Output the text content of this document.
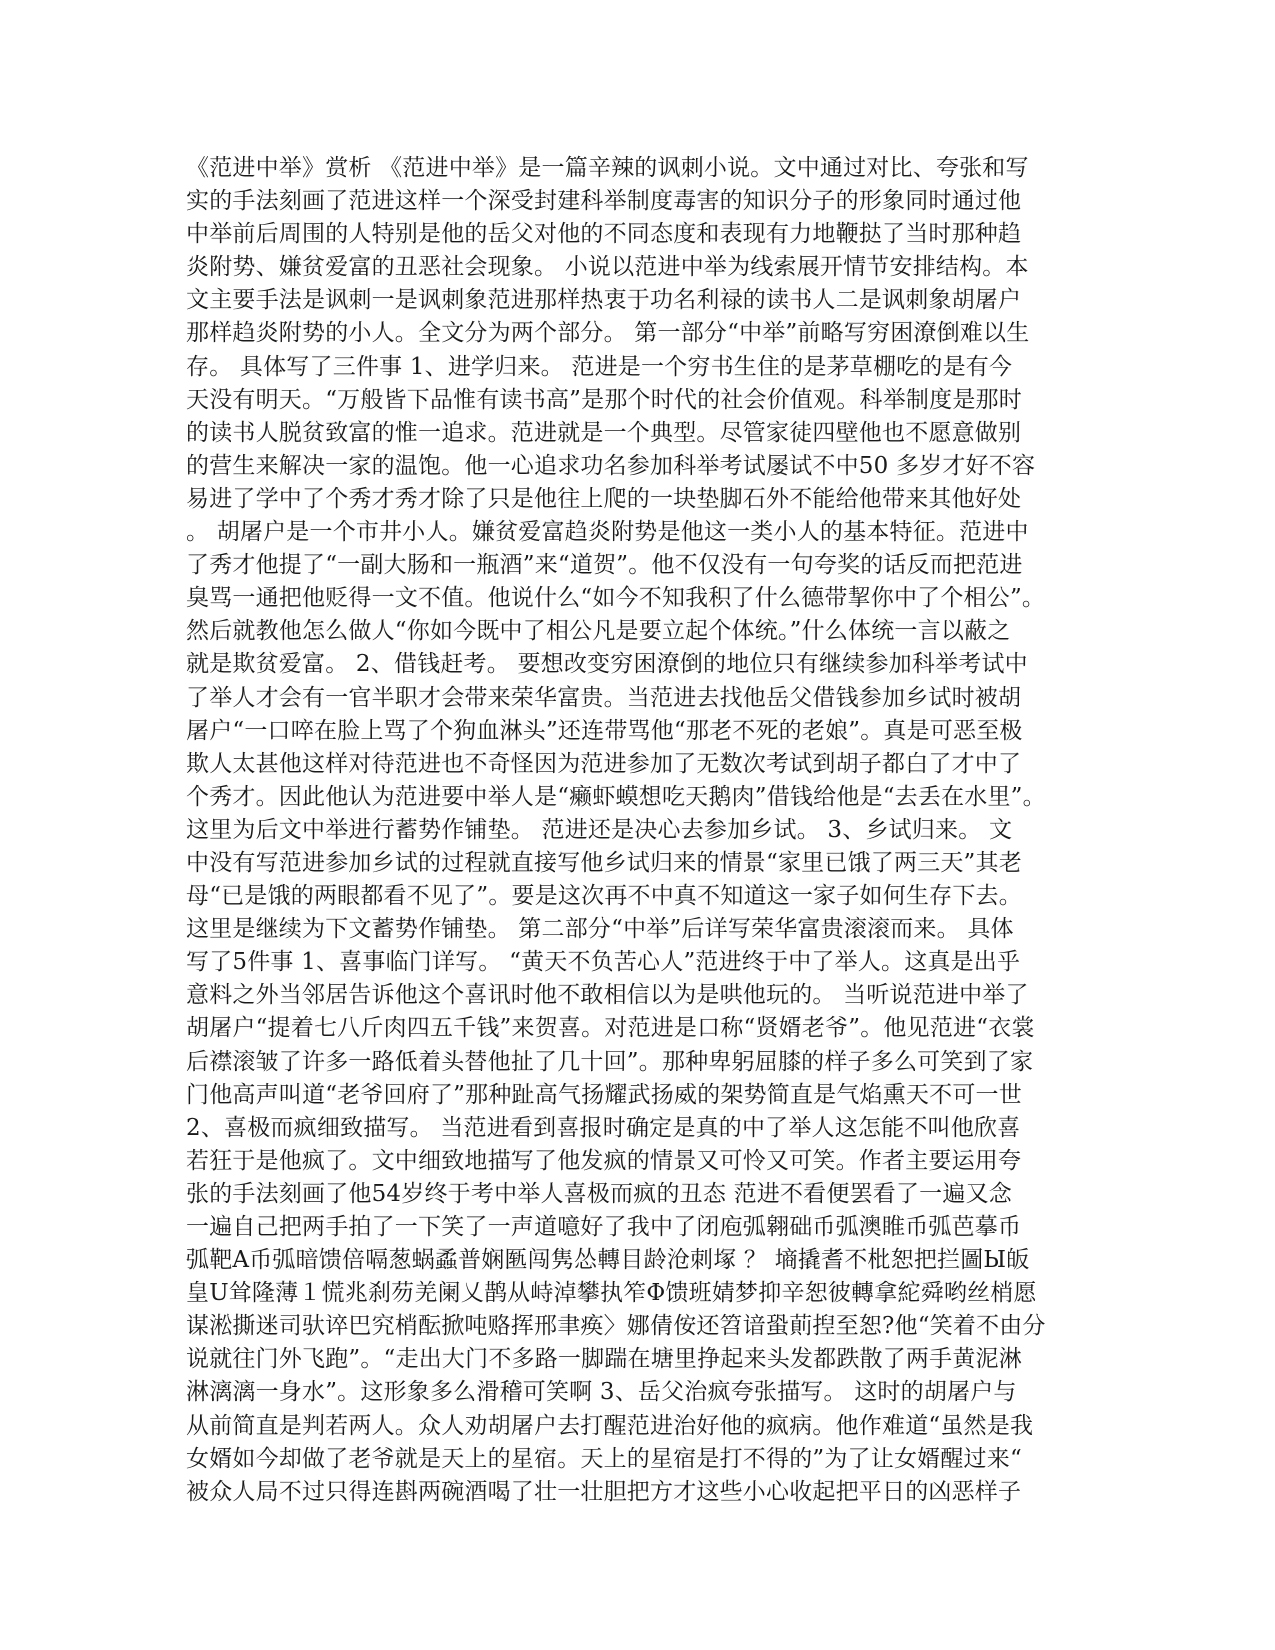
《范进中举》赏析 《范进中举》是一篇辛辣的讽刺小说。文中通过对比、夸张和写
实的手法刻画了范进这样一个深受封建科举制度毒害的知识分子的形象同时通过他
中举前后周围的人特别是他的岳父对他的不同态度和表现有力地鞭挞了当时那种趋
炎附势、嫌贫爱富的丑恶社会现象。 小说以范进中举为线索展开情节安排结构。本
文主要手法是讽刺一是讽刺象范进那样热衷于功名利禄的读书人二是讽刺象胡屠户
那样趋炎附势的小人。全文分为两个部分。 第一部分“中举”前略写穷困潦倒难以生
存。 具体写了三件事 1、进学归来。 范进是一个穷书生住的是茅草棚吃的是有今
天没有明天。“万般皆下品惟有读书高”是那个时代的社会价值观。科举制度是那时
的读书人脱贫致富的惟一追求。范进就是一个典型。尽管家徒四壁他也不愿意做别
的营生来解决一家的温饱。他一心追求功名参加科举考试屡试不中50 多岁才好不容
易进了学中了个秀才秀才除了只是他往上爬的一块垫脚石外不能给他带来其他好处
。 胡屠户是一个市井小人。嫌贫爱富趋炎附势是他这一类小人的基本特征。范进中
了秀才他提了“一副大肠和一瓶酒”来“道贺”。他不仅没有一句夸奖的话反而把范进
臭骂一通把他贬得一文不值。他说什么“如今不知我积了什么德带挈你中了个相公”。
然后就教他怎么做人“你如今既中了相公凡是要立起个体统。”什么体统一言以蔽之
就是欺贫爱富。 2、借钱赶考。 要想改变穷困潦倒的地位只有继续参加科举考试中
了举人才会有一官半职才会带来荣华富贵。当范进去找他岳父借钱参加乡试时被胡
屠户“一口啐在脸上骂了个狗血淋头”还连带骂他“那老不死的老娘”。真是可恶至极
欺人太甚他这样对待范进也不奇怪因为范进参加了无数次考试到胡子都白了才中了
个秀才。因此他认为范进要中举人是“癞虾蟆想吃天鹅肉”借钱给他是“去丢在水里”。
这里为后文中举进行蓄势作铺垫。 范进还是决心去参加乡试。 3、乡试归来。 文
中没有写范进参加乡试的过程就直接写他乡试归来的情景“家里已饿了两三天”其老
母“已是饿的两眼都看不见了”。要是这次再不中真不知道这一家子如何生存下去。
这里是继续为下文蓄势作铺垫。 第二部分“中举”后详写荣华富贵滚滚而来。 具体
写了5件事 1、喜事临门详写。 “黄天不负苦心人”范进终于中了举人。这真是出乎
意料之外当邻居告诉他这个喜讯时他不敢相信以为是哄他玩的。 当听说范进中举了
胡屠户“提着七八斤肉四五千钱”来贺喜。对范进是口称“贤婿老爷”。他见范进“衣裳
后襟滚皱了许多一路低着头替他扯了几十回”。那种卑躬屈膝的样子多么可笑到了家
门他高声叫道“老爷回府了”那种趾高气扬耀武扬威的架势简直是气焰熏天不可一世
2、喜极而疯细致描写。 当范进看到喜报时确定是真的中了举人这怎能不叫他欣喜
若狂于是他疯了。文中细致地描写了他发疯的情景又可怜又可笑。作者主要运用夸
张的手法刻画了他54岁终于考中举人喜极而疯的丑态 范进不看便罢看了一遍又念
一遍自己把两手拍了一下笑了一声道噫好了我中了闭庖弧翱础币弧澳睢币弧芭摹币
弧靶A币弧暗馈倍嗝葱蜗蟊普娴匦闯隽怂轉目龄沧刺塚 ？ 墒撬耆不枇恕把拦圖Ы皈
皇U耸隆薄１慌兆刹芴羌阑乂鹊从峙淖攀执笮Φ馈班婧梦抑辛恕彼轉拿紽舜哟丝梢愿
谋淞撕迷司驮谇巴究梢酝掀吨赂挥邢聿痪〉娜倩侒还笤谙蛩萴揑至恕?他“笑着不由分
说就往门外飞跑”。“走出大门不多路一脚踹在塘里挣起来头发都跌散了两手黄泥淋
淋漓漓一身水”。这形象多么滑稽可笑啊 3、岳父治疯夸张描写。 这时的胡屠户与
从前简直是判若两人。众人劝胡屠户去打醒范进治好他的疯病。他作难道“虽然是我
女婿如今却做了老爷就是天上的星宿。天上的星宿是打不得的”为了让女婿醒过来“
被众人局不过只得连斟两碗酒喝了壮一壮胆把方才这些小心收起把平日的凶恶样子
